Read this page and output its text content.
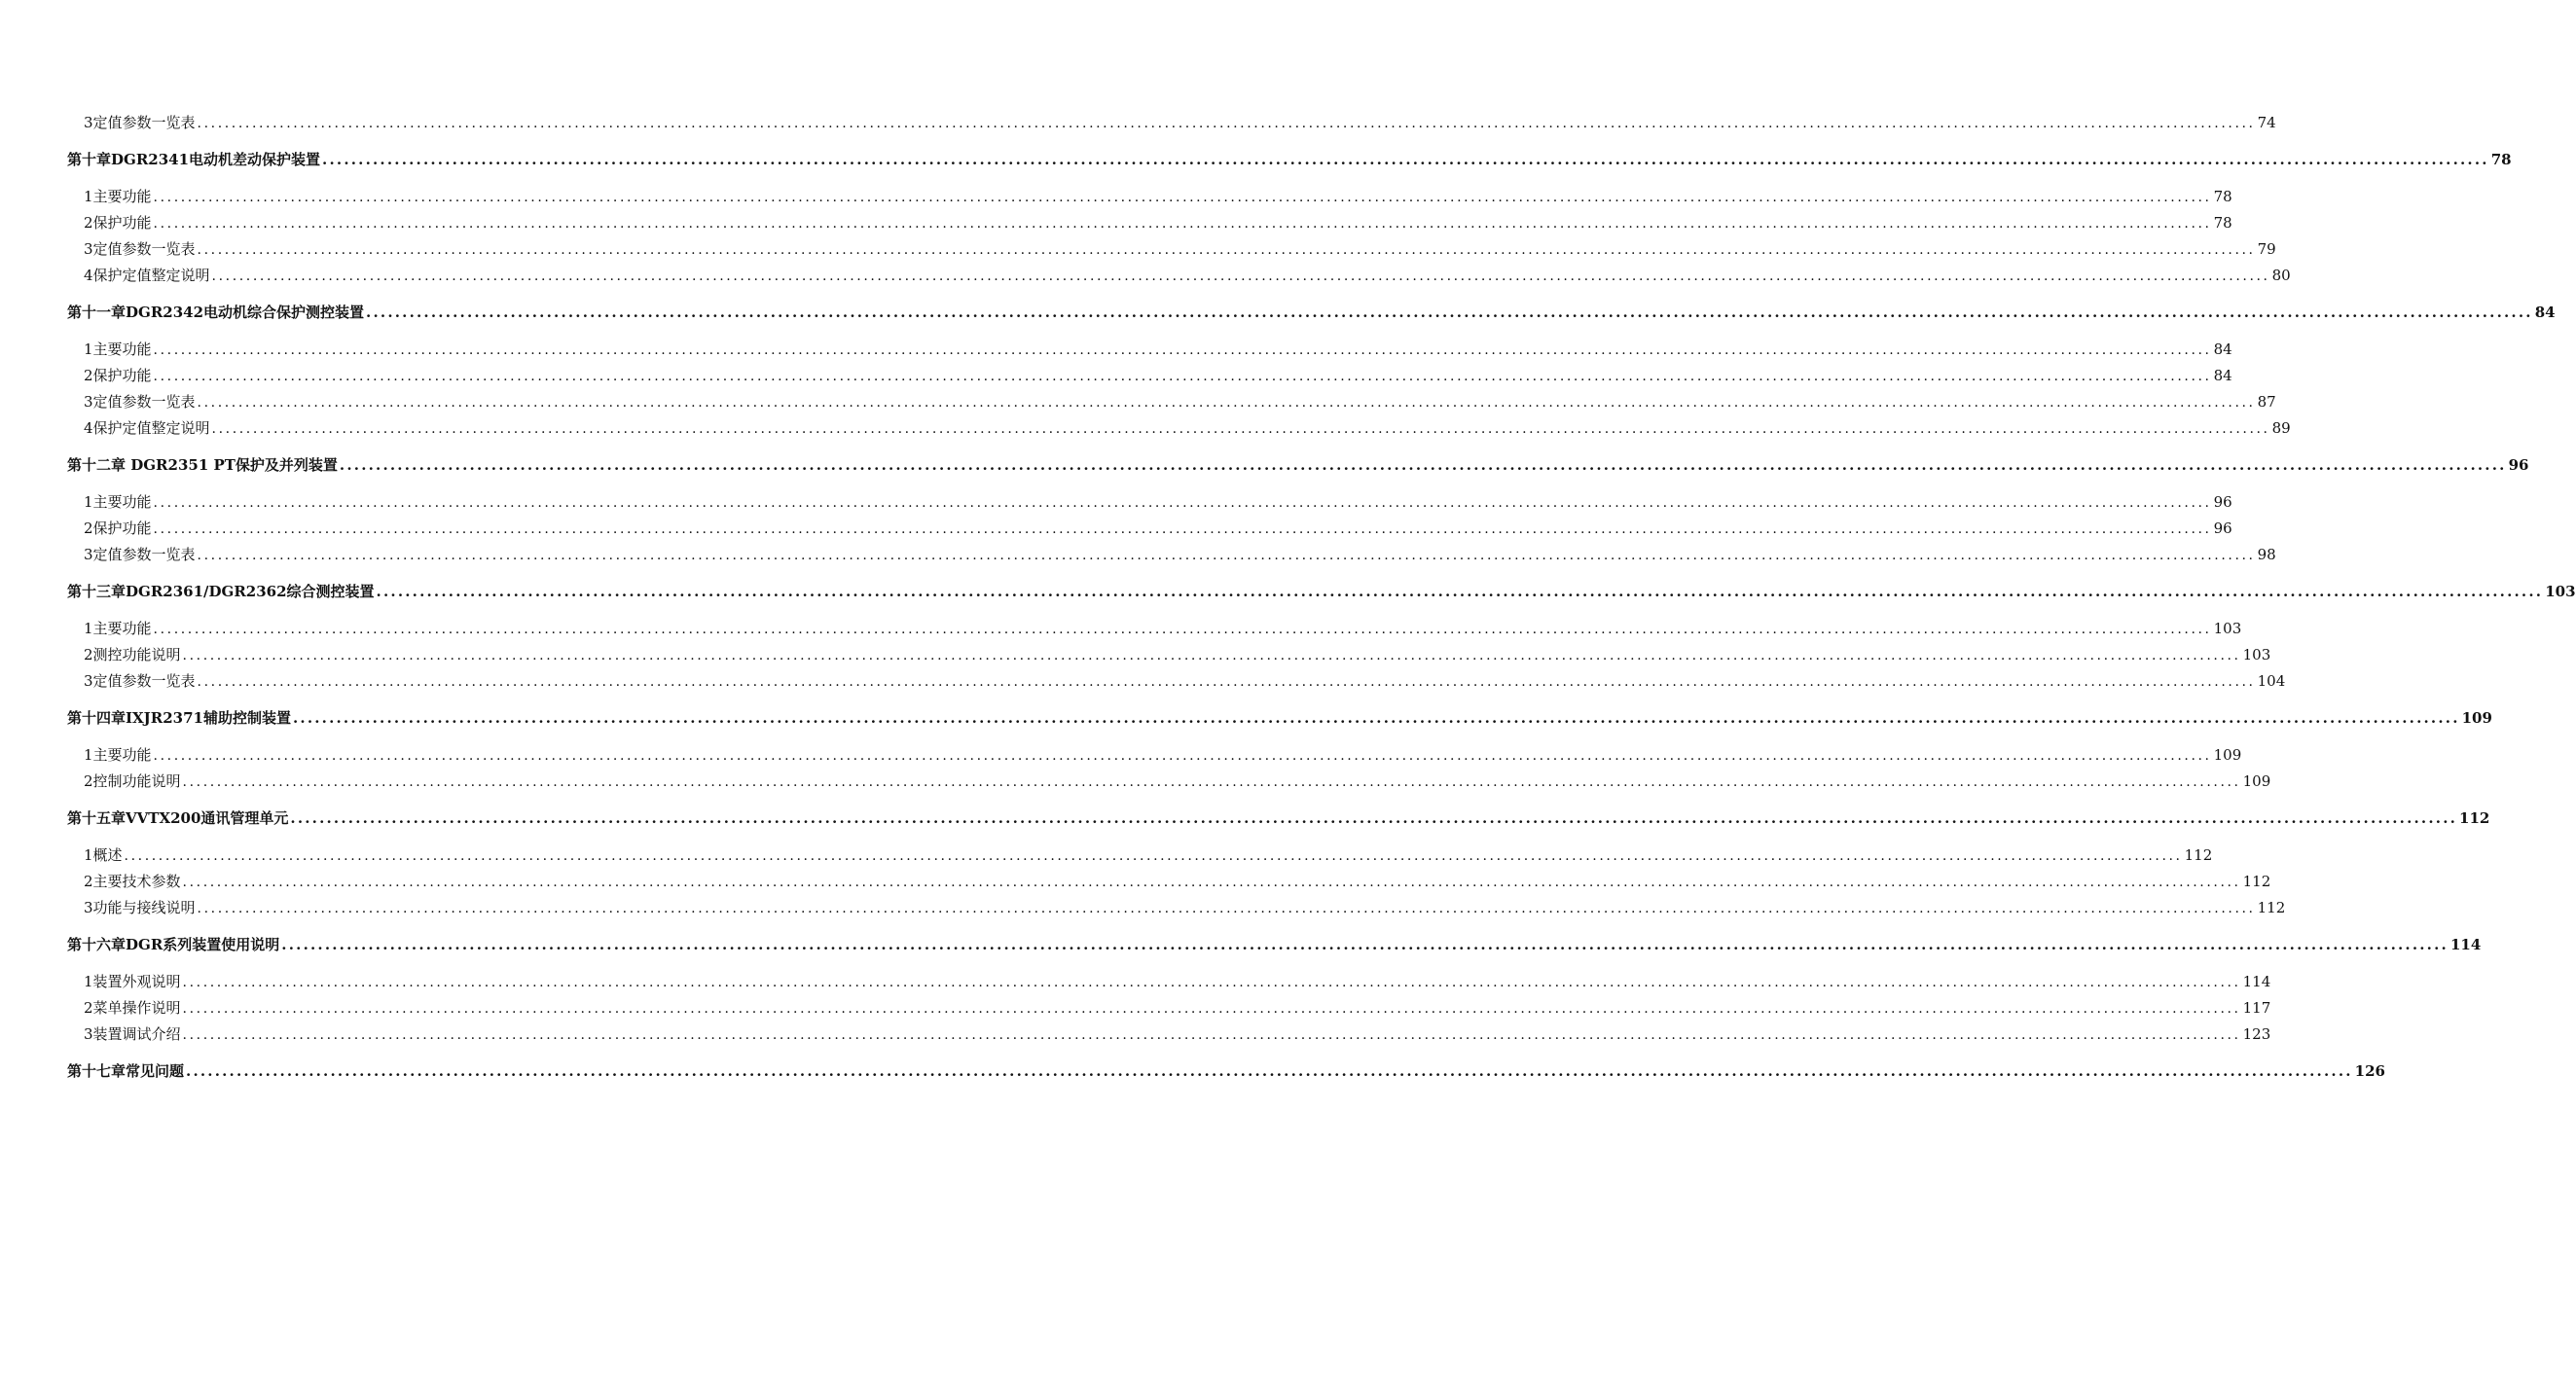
3定值参数一览表 ............................................................................................................................................................................................................................................................................................................ 74
第十章DGR2341电动机差动保护装置 ............................................................................................................................................................................................................................................................................................................ 78
1主要功能 ............................................................................................................................................................................................................................................................................................................ 78
2保护功能 ............................................................................................................................................................................................................................................................................................................ 78
3定值参数一览表 ............................................................................................................................................................................................................................................................................................................ 79
4保护定值整定说明 ............................................................................................................................................................................................................................................................................................................ 80
第十一章DGR2342电动机综合保护测控装置 ............................................................................................................................................................................................................................................................................................................ 84
1主要功能 ............................................................................................................................................................................................................................................................................................................ 84
2保护功能 ............................................................................................................................................................................................................................................................................................................ 84
3定值参数一览表 ............................................................................................................................................................................................................................................................................................................ 87
4保护定值整定说明 ............................................................................................................................................................................................................................................................................................................ 89
第十二章 DGR2351 PT保护及并列装置 ............................................................................................................................................................................................................................................................................................................ 96
1主要功能 ............................................................................................................................................................................................................................................................................................................ 96
2保护功能 ............................................................................................................................................................................................................................................................................................................ 96
3定值参数一览表 ............................................................................................................................................................................................................................................................................................................ 98
第十三章DGR2361/DGR2362综合测控装置 ............................................................................................................................................................................................................................................................................................................ 103
1主要功能 ............................................................................................................................................................................................................................................................................................................ 103
2测控功能说明 ............................................................................................................................................................................................................................................................................................................ 103
3定值参数一览表 ............................................................................................................................................................................................................................................................................................................ 104
第十四章IXJR2371辅助控制装置 ............................................................................................................................................................................................................................................................................................................ 109
1主要功能 ............................................................................................................................................................................................................................................................................................................ 109
2控制功能说明 ............................................................................................................................................................................................................................................................................................................ 109
第十五章VVTX200通讯管理单元 ............................................................................................................................................................................................................................................................................................................ 112
1概述 ............................................................................................................................................................................................................................................................................................................ 112
2主要技术参数 ............................................................................................................................................................................................................................................................................................................ 112
3功能与接线说明 ............................................................................................................................................................................................................................................................................................................ 112
第十六章DGR系列装置使用说明 ............................................................................................................................................................................................................................................................................................................ 114
1装置外观说明 ............................................................................................................................................................................................................................................................................................................ 114
2菜单操作说明 ............................................................................................................................................................................................................................................................................................................ 117
3装置调试介绍 ............................................................................................................................................................................................................................................................................................................ 123
第十七章常见问题 ............................................................................................................................................................................................................................................................................................................ 126
